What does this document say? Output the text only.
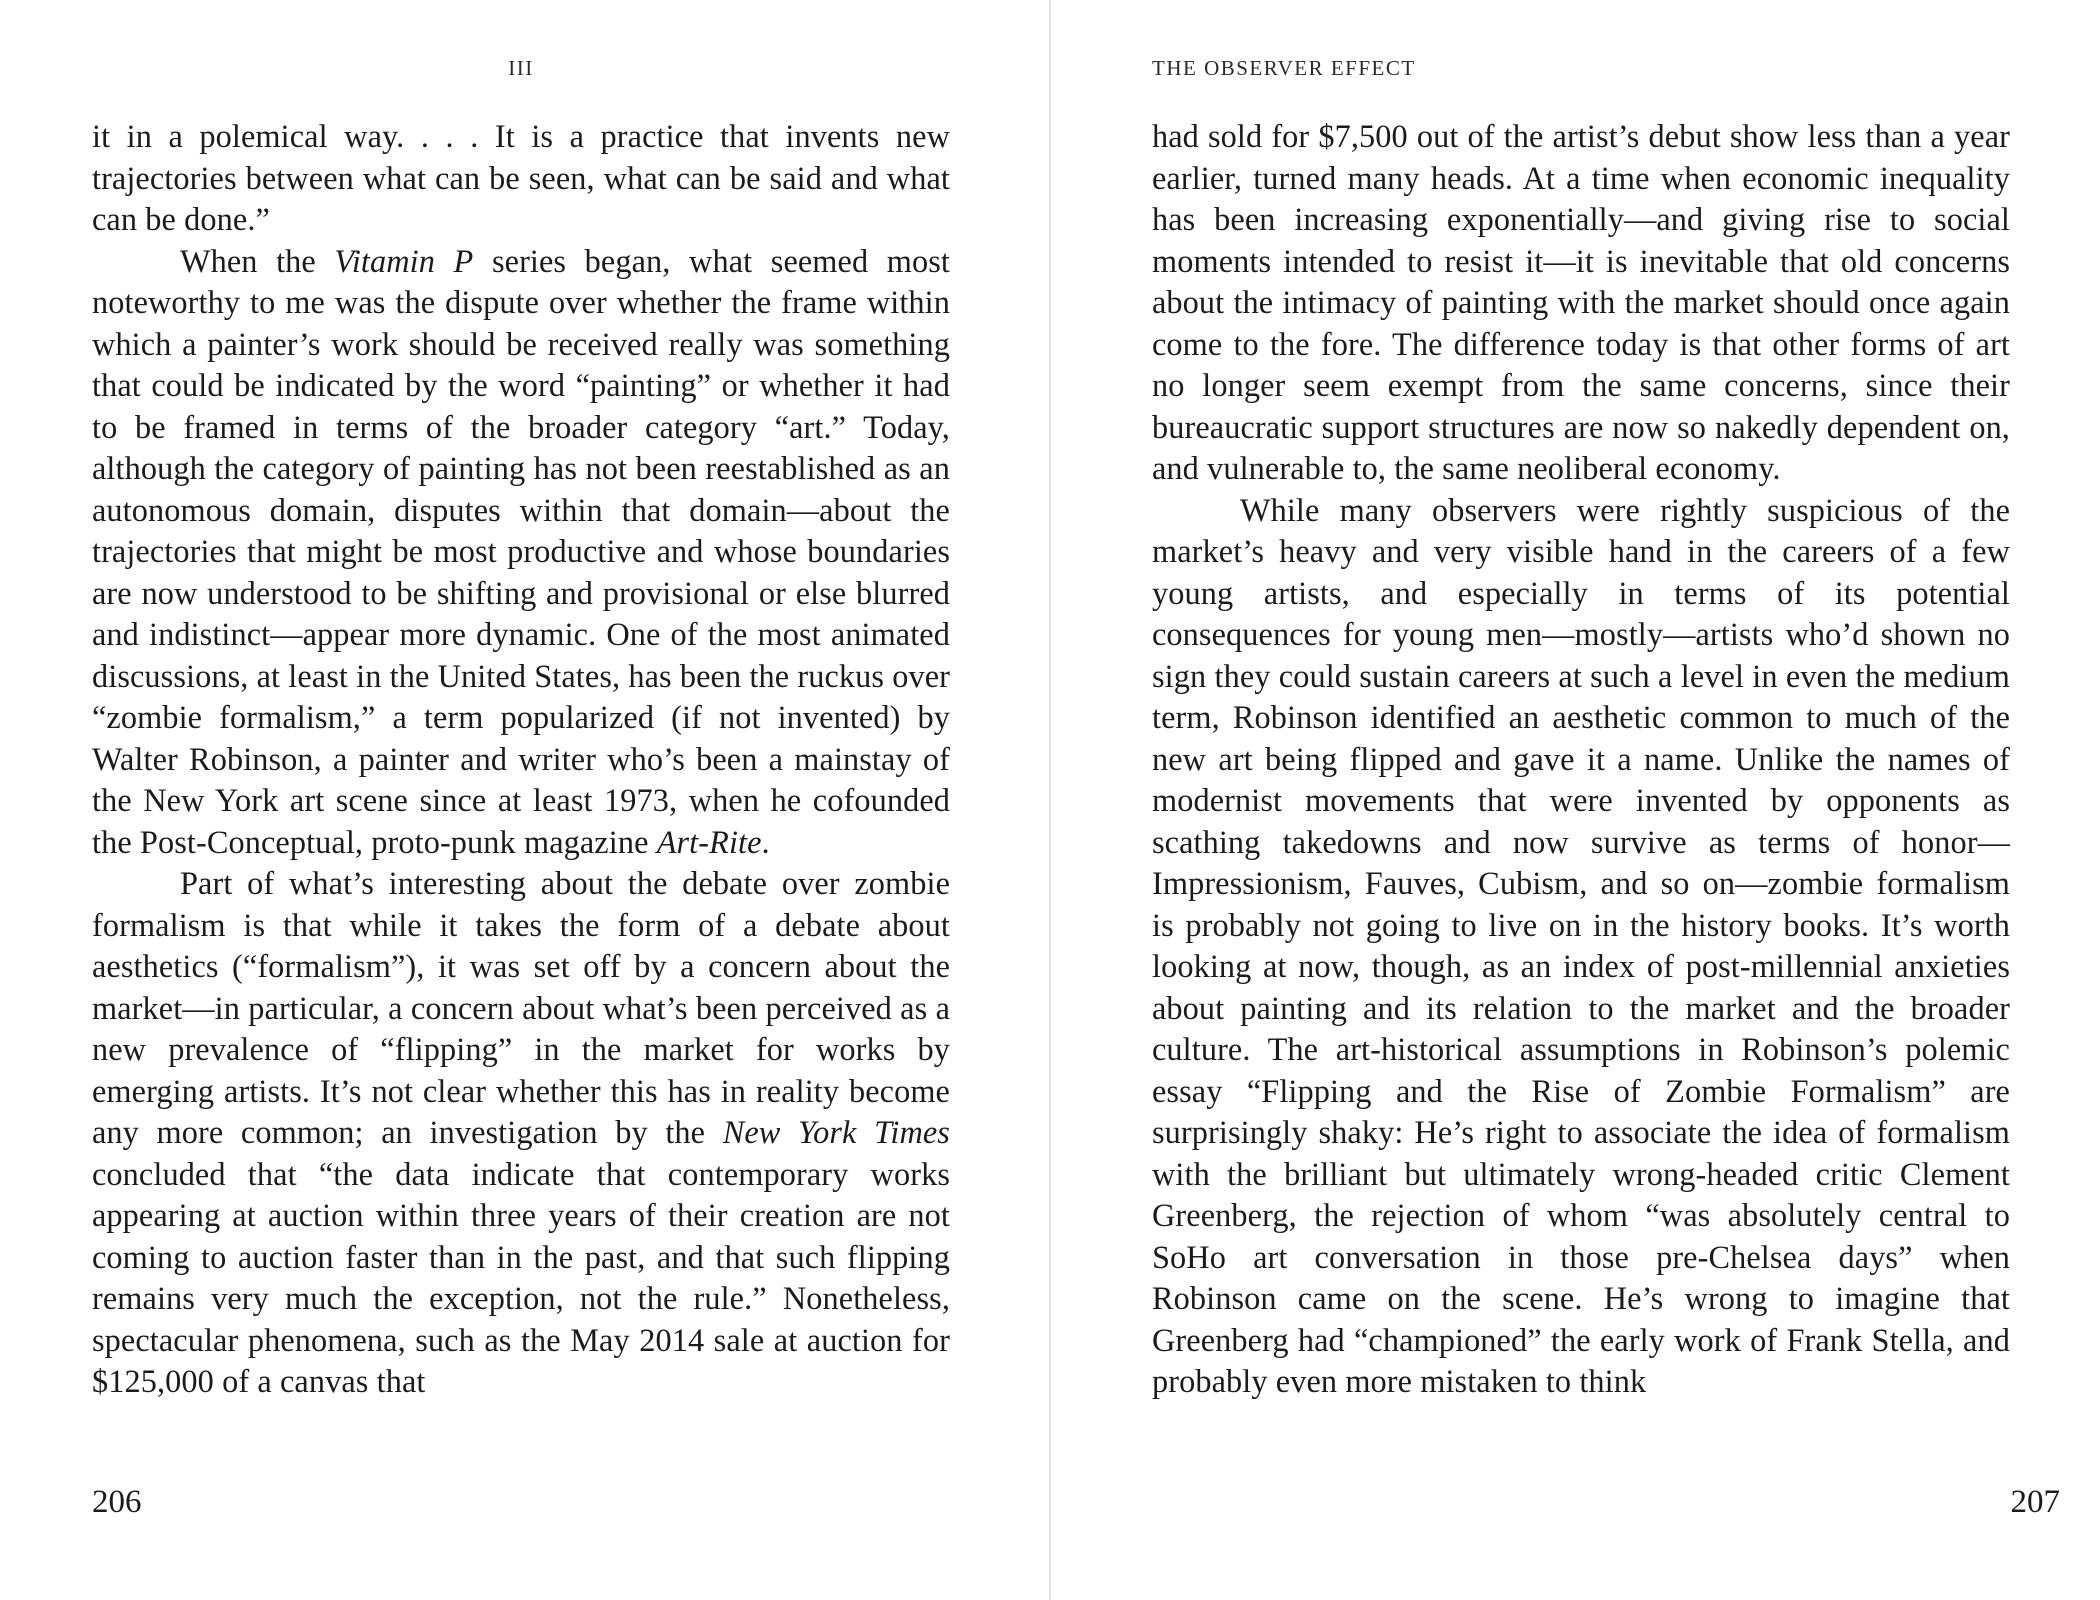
III

it in a polemical way. . . . It is a practice that invents new trajectories between what can be seen, what can be said and what can be done.”

When the Vitamin P series began, what seemed most noteworthy to me was the dispute over whether the frame within which a painter’s work should be received really was something that could be indicated by the word “painting” or whether it had to be framed in terms of the broader category “art.” Today, although the category of painting has not been reestablished as an autonomous domain, disputes within that domain—about the trajectories that might be most productive and whose boundaries are now understood to be shifting and provisional or else blurred and indistinct—appear more dynamic. One of the most animated discussions, at least in the United States, has been the ruckus over “zombie formalism,” a term popularized (if not invented) by Walter Robinson, a painter and writer who’s been a mainstay of the New York art scene since at least 1973, when he cofounded the Post-Conceptual, proto-punk magazine Art-Rite.

Part of what’s interesting about the debate over zombie formalism is that while it takes the form of a debate about aesthetics (“formalism”), it was set off by a concern about the market—in particular, a concern about what’s been perceived as a new prevalence of “flipping” in the market for works by emerging artists. It’s not clear whether this has in reality become any more common; an investigation by the New York Times concluded that “the data indicate that contemporary works appearing at auction within three years of their creation are not coming to auction faster than in the past, and that such flipping remains very much the exception, not the rule.” Nonetheless, spectacular phenomena, such as the May 2014 sale at auction for $125,000 of a canvas that

206
THE OBSERVER EFFECT

had sold for $7,500 out of the artist’s debut show less than a year earlier, turned many heads. At a time when economic inequality has been increasing exponentially—and giving rise to social moments intended to resist it—it is inevitable that old concerns about the intimacy of painting with the market should once again come to the fore. The difference today is that other forms of art no longer seem exempt from the same concerns, since their bureaucratic support structures are now so nakedly dependent on, and vulnerable to, the same neoliberal economy.

While many observers were rightly suspicious of the market’s heavy and very visible hand in the careers of a few young artists, and especially in terms of its potential consequences for young men—mostly—artists who’d shown no sign they could sustain careers at such a level in even the medium term, Robinson identified an aesthetic common to much of the new art being flipped and gave it a name. Unlike the names of modernist movements that were invented by opponents as scathing takedowns and now survive as terms of honor—Impressionism, Fauves, Cubism, and so on—zombie formalism is probably not going to live on in the history books. It’s worth looking at now, though, as an index of post-millennial anxieties about painting and its relation to the market and the broader culture. The art-historical assumptions in Robinson’s polemic essay “Flipping and the Rise of Zombie Formalism” are surprisingly shaky: He’s right to associate the idea of formalism with the brilliant but ultimately wrong-headed critic Clement Greenberg, the rejection of whom “was absolutely central to SoHo art conversation in those pre-Chelsea days” when Robinson came on the scene. He’s wrong to imagine that Greenberg had “championed” the early work of Frank Stella, and probably even more mistaken to think

207
